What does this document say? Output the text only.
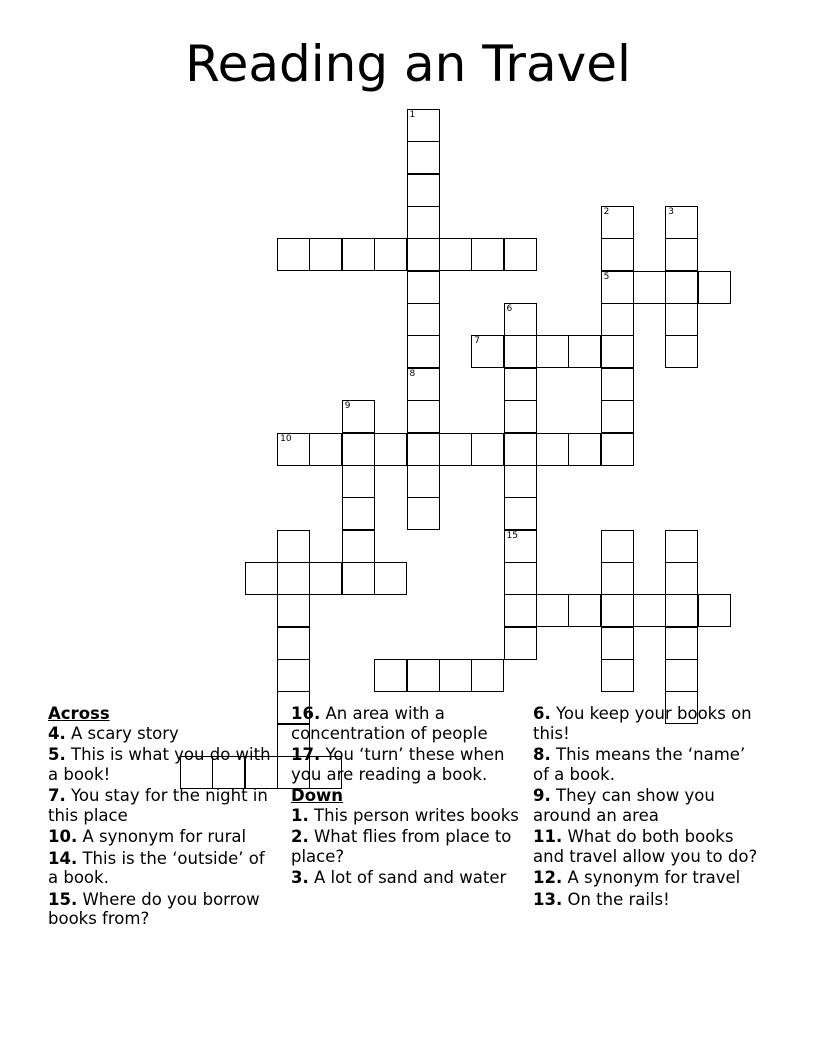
Reading an Travel
8
5
7
10
1
2	3
6
15
9
Across
4. A scary story
5. This is what you do with a book!
7. You stay for the night in this place
10. A synonym for rural
14. This is the ‘outside’ of a book.
15. Where do you borrow books from?
16. An area with a concentration of people
17. You ‘turn’ these when you are reading a book.
Down
1. This person writes books
2. What flies from place to place?
3. A lot of sand and water
6. You keep your books on this!
8. This means the ‘name’ of a book.
9. They can show you around an area
11. What do both books and travel allow you to do?
12. A synonym for travel
13. On the rails!
